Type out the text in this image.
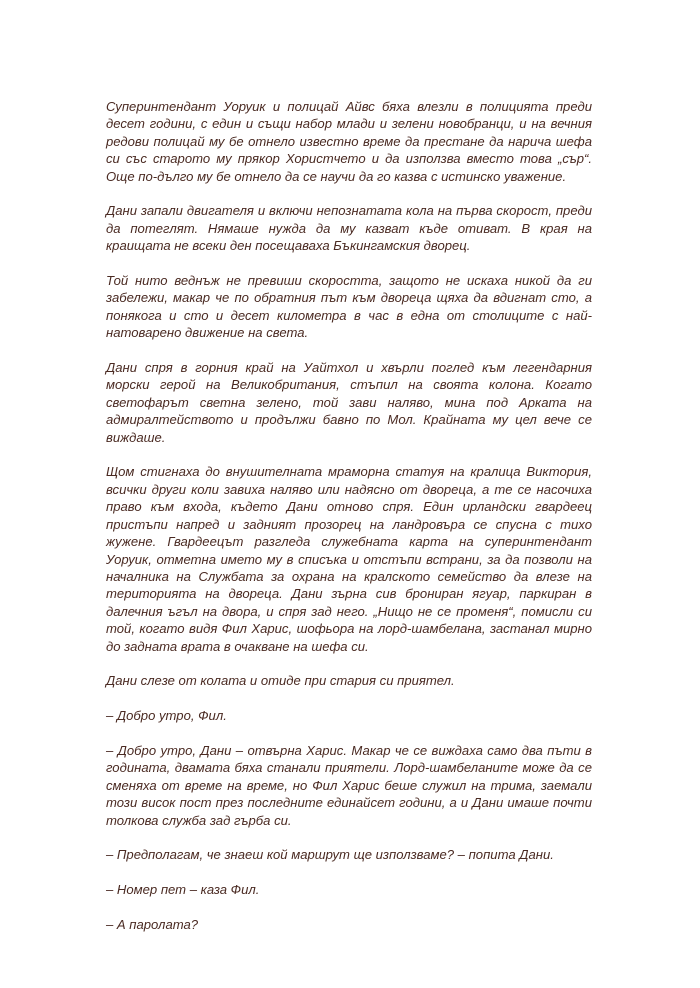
Суперинтендант Уоруик и полицай Айвс бяха влезли в полицията преди десет години, с един и същи набор млади и зелени новобранци, и на вечния редови полицай му бе отнело известно време да престане да нарича шефа си със старото му прякор Хористчето и да използва вместо това „сър“. Още по-дълго му бе отнело да се научи да го казва с истинско уважение.

Дани запали двигателя и включи непознатата кола на първа скорост, преди да потеглят. Нямаше нужда да му казват къде отиват. В края на краищата не всеки ден посещаваха Бъкингамския дворец.

Той нито веднъж не превиши скоростта, защото не искаха никой да ги забележи, макар че по обратния път към двореца щяха да вдигнат сто, а понякога и сто и десет километра в час в една от столиците с най-натоварено движение на света.

Дани спря в горния край на Уайтхол и хвърли поглед към легендарния морски герой на Великобритания, стъпил на своята колона. Когато светофарът светна зелено, той зави наляво, мина под Арката на адмиралтейството и продължи бавно по Мол. Крайната му цел вече се виждаше.

Щом стигнаха до внушителната мраморна статуя на кралица Виктория, всички други коли завиха наляво или надясно от двореца, а те се насочиха право към входа, където Дани отново спря. Един ирландски гвардеец пристъпи напред и задният прозорец на ландровъра се спусна с тихо жужене. Гвардеецът разгледа служебната карта на суперинтендант Уоруик, отметна името му в списъка и отстъпи встрани, за да позволи на началника на Службата за охрана на кралското семейство да влезе на територията на двореца. Дани зърна сив брониран ягуар, паркиран в далечния ъгъл на двора, и спря зад него. „Нищо не се променя“, помисли си той, когато видя Фил Харис, шофьора на лорд-шамбелана, застанал мирно до задната врата в очакване на шефа си.

Дани слезе от колата и отиде при стария си приятел.

– Добро утро, Фил.

– Добро утро, Дани – отвърна Харис. Макар че се виждаха само два пъти в годината, двамата бяха станали приятели. Лорд-шамбеланите може да се сменяха от време на време, но Фил Харис беше служил на трима, заемали този висок пост през последните единайсет години, а и Дани имаше почти толкова служба зад гърба си.

– Предполагам, че знаеш кой маршрут ще използваме? – попита Дани.

– Номер пет – каза Фил.

– А паролата?
